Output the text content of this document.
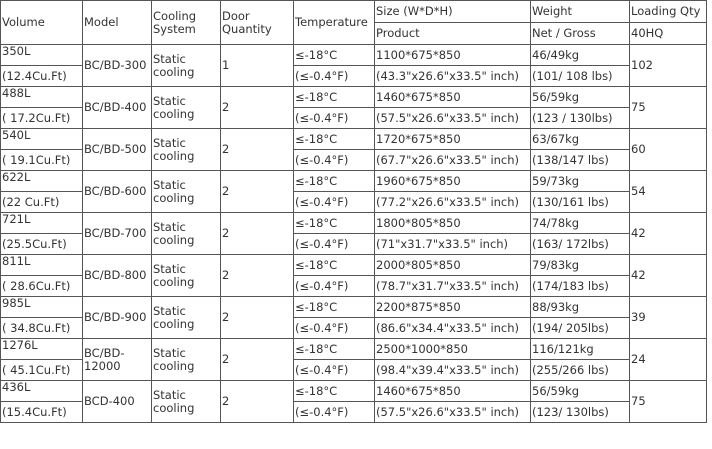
Volume	Model	Cooling System	Door Quantity	Temperature	Size (W*D*H)	Weight	Loading Qty
					Product	Net / Gross	40HQ
350L	BC/BD-300	Static cooling	1	≤-18°C	1100*675*850	46/49kg	102
(12.4Cu.Ft)				(≤-0.4°F)	(43.3"x26.6"x33.5" inch)	(101/ 108 lbs)	
488L	BC/BD-400	Static cooling	2	≤-18°C	1460*675*850	56/59kg	75
( 17.2Cu.Ft)				(≤-0.4°F)	(57.5"x26.6"x33.5" inch)	(123 / 130lbs)	
540L	BC/BD-500	Static cooling	2	≤-18°C	1720*675*850	63/67kg	60
( 19.1Cu.Ft)				(≤-0.4°F)	(67.7"x26.6"x33.5" inch)	(138/147 lbs)	
622L	BC/BD-600	Static cooling	2	≤-18°C	1960*675*850	59/73kg	54
(22 Cu.Ft)				(≤-0.4°F)	(77.2"x26.6"x33.5" inch)	(130/161 lbs)	
721L	BC/BD-700	Static cooling	2	≤-18°C	1800*805*850	74/78kg	42
(25.5Cu.Ft)				(≤-0.4°F)	(71"x31.7"x33.5" inch)	(163/ 172lbs)	
811L	BC/BD-800	Static cooling	2	≤-18°C	2000*805*850	79/83kg	42
( 28.6Cu.Ft)				(≤-0.4°F)	(78.7"x31.7"x33.5" inch)	(174/183 lbs)	
985L	BC/BD-900	Static cooling	2	≤-18°C	2200*875*850	88/93kg	39
( 34.8Cu.Ft)				(≤-0.4°F)	(86.6"x34.4"x33.5" inch)	(194/ 205lbs)	
1276L	BC/BD-12000	Static cooling	2	≤-18°C	2500*1000*850	116/121kg	24
( 45.1Cu.Ft)				(≤-0.4°F)	(98.4"x39.4"x33.5" inch)	(255/266 lbs)	
436L	BCD-400	Static cooling	2	≤-18°C	1460*675*850	56/59kg	75
(15.4Cu.Ft)				(≤-0.4°F)	(57.5"x26.6"x33.5" inch)	(123/ 130lbs)	
